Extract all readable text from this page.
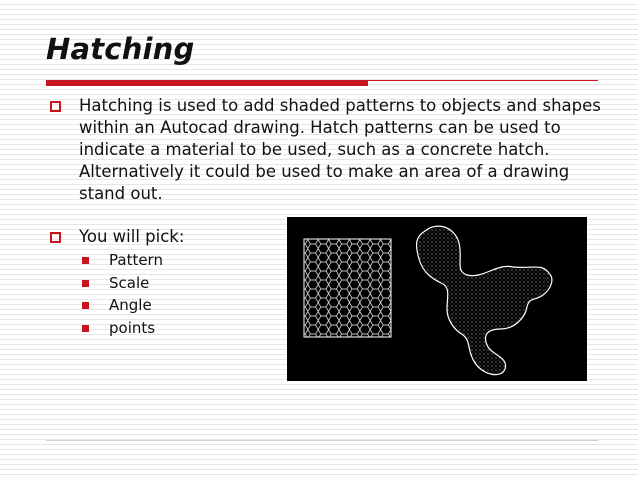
Hatching
Hatching is used to add shaded patterns to objects and shapes within an Autocad drawing. Hatch patterns can be used to indicate a material to be used, such as a concrete hatch. Alternatively it could be used to make an area of a drawing stand out.
You will pick:
Pattern
Scale
Angle
points
